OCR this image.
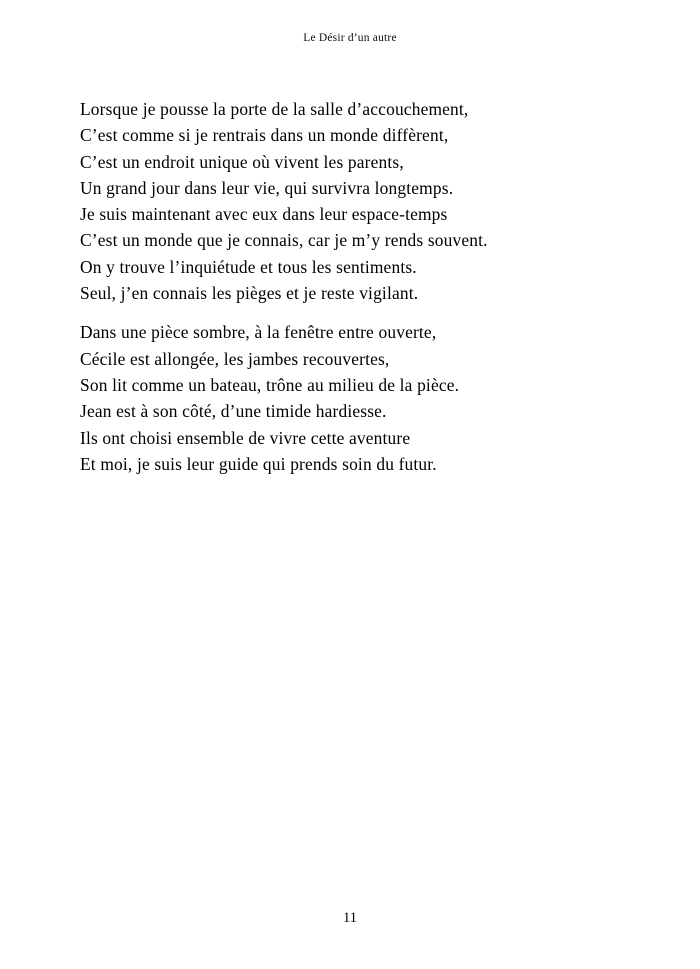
Le Désir d’un autre
Lorsque je pousse la porte de la salle d’accouchement,
C’est comme si je rentrais dans un monde diffèrent,
C’est un endroit unique où vivent les parents,
Un grand jour dans leur vie, qui survivra longtemps.
Je suis maintenant avec eux dans leur espace-temps
C’est un monde que je connais, car je m’y rends souvent.
On y trouve l’inquiétude et tous les sentiments.
Seul, j’en connais les pièges et je reste vigilant.
Dans une pièce sombre, à la fenêtre entre ouverte,
Cécile est allongée, les jambes recouvertes,
Son lit comme un bateau, trône au milieu de la pièce.
Jean est à son côté, d’une timide hardiesse.
Ils ont choisi ensemble de vivre cette aventure
Et moi, je suis leur guide qui prends soin du futur.
11
